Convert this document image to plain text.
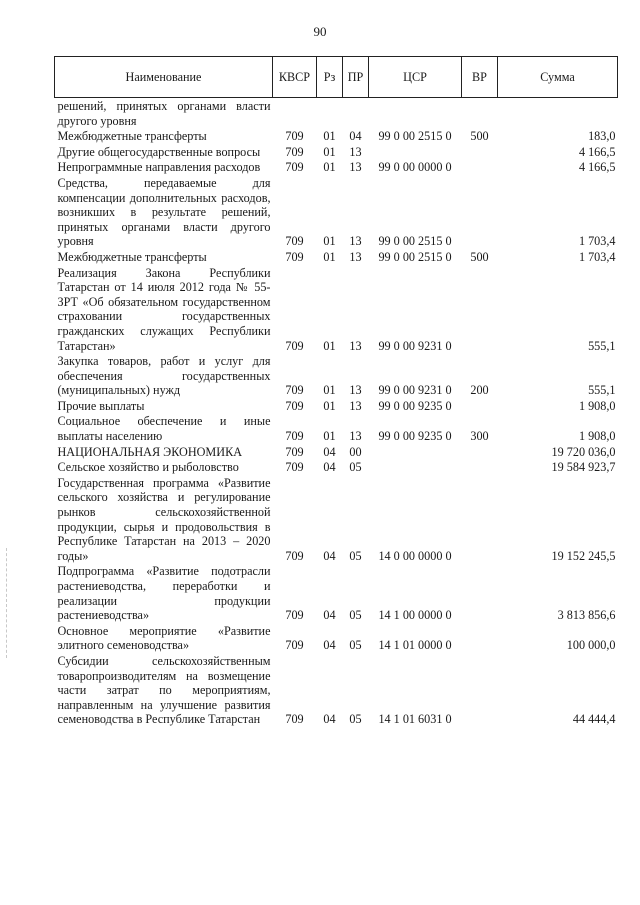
90
Наименование	КВСР	Рз	ПР	ЦСР	ВР	Сумма
решений, принятых органами власти другого уровня						
Межбюджетные трансферты	709	01	04	99 0 00 2515 0	500	183,0
Другие общегосударственные вопросы	709	01	13			4 166,5
Непрограммные направления расходов	709	01	13	99 0 00 0000 0		4 166,5
Средства, передаваемые для компенсации дополнительных расходов, возникших в результате решений, принятых органами власти другого уровня	709	01	13	99 0 00 2515 0		1 703,4
Межбюджетные трансферты	709	01	13	99 0 00 2515 0	500	1 703,4
Реализация Закона Республики Татарстан от 14 июля 2012 года № 55-ЗРТ «Об обязательном государственном страховании государственных гражданских служащих Республики Татарстан»	709	01	13	99 0 00 9231 0		555,1
Закупка товаров, работ и услуг для обеспечения государственных (муниципальных) нужд	709	01	13	99 0 00 9231 0	200	555,1
Прочие выплаты	709	01	13	99 0 00 9235 0		1 908,0
Социальное обеспечение и иные выплаты населению	709	01	13	99 0 00 9235 0	300	1 908,0
НАЦИОНАЛЬНАЯ ЭКОНОМИКА	709	04	00			19 720 036,0
Сельское хозяйство и рыболовство	709	04	05			19 584 923,7
Государственная программа «Развитие сельского хозяйства и регулирование рынков сельскохозяйственной продукции, сырья и продовольствия в Республике Татарстан на 2013 – 2020 годы»	709	04	05	14 0 00 0000 0		19 152 245,5
Подпрограмма «Развитие подотрасли растениеводства, переработки и реализации продукции растениеводства»	709	04	05	14 1 00 0000 0		3 813 856,6
Основное мероприятие «Развитие элитного семеноводства»	709	04	05	14 1 01 0000 0		100 000,0
Субсидии сельскохозяйственным товаропроизводителям на возмещение части затрат по мероприятиям, направленным на улучшение развития семеноводства в Республике Татарстан	709	04	05	14 1 01 6031 0		44 444,4
